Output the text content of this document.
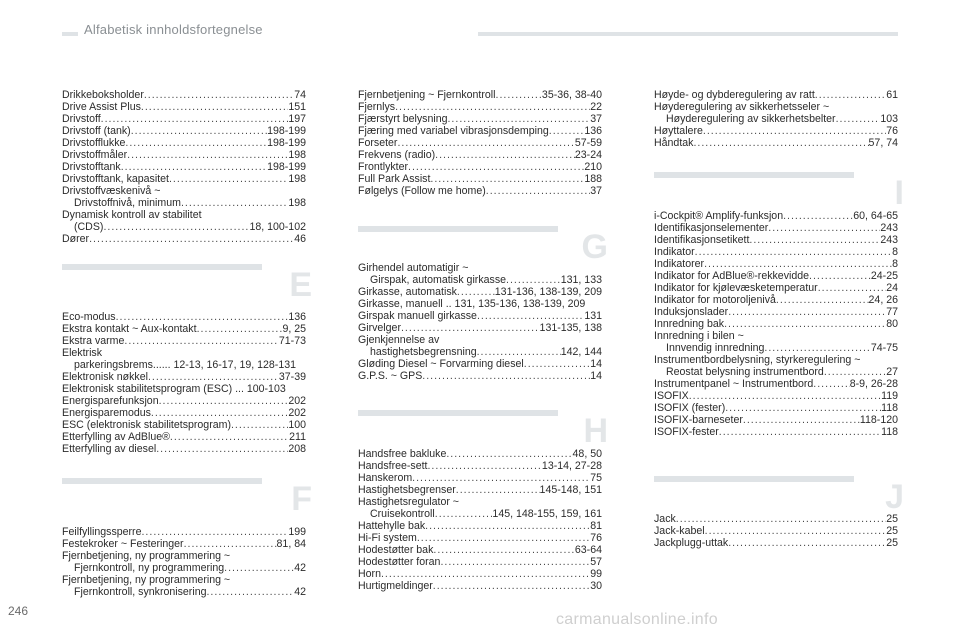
Alfabetisk innholdsfortegnelse
Drikkeboksholder .....	74
Drive Assist Plus .....	151
Drivstoff .....	197
Drivstoff (tank) .....	198-199
Drivstofflukke .....	198-199
Drivstoffmåler .....	198
Drivstofftank .....	198-199
Drivstofftank, kapasitet .....	198
Drivstoffvæskenivå ~
Drivstoffnivå, minimum .....	198
Dynamisk kontroll av stabilitet
(CDS) .....	18, 100-102
Dører .....	46
E
Eco-modus .....	136
Ekstra kontakt ~ Aux-kontakt .....	9, 25
Ekstra varme .....	71-73
Elektrisk
parkeringsbrems...... 12-13, 16-17, 19, 128-131
Elektronisk nøkkel .....	37-39
Elektronisk stabilitetsprogram (ESC) ... 100-103
Energisparefunksjon .....	202
Energisparemodus .....	202
ESC (elektronisk stabilitetsprogram) .....	100
Etterfylling av AdBlue® .....	211
Etterfylling av diesel .....	208
F
Feilfyllingssperre .....	199
Festekroker ~ Festeringer .....	81, 84
Fjernbetjening, ny programmering ~
Fjernkontroll, ny programmering .....	42
Fjernbetjening, ny programmering ~
Fjernkontroll, synkronisering .....	42
Fjernbetjening ~ Fjernkontroll .....	35-36, 38-40
Fjernlys .....	22
Fjærstyrt belysning .....	37
Fjæring med variabel vibrasjonsdemping .....	136
Forseter .....	57-59
Frekvens (radio) .....	23-24
Frontlykter .....	210
Full Park Assist .....	188
Følgelys (Follow me home) .....	37
G
Girhendel automatigir ~
Girspak, automatisk girkasse .....	131, 133
Girkasse, automatisk .....	131-136, 138-139, 209
Girkasse, manuell .. 131, 135-136, 138-139, 209
Girspak manuell girkasse .....	131
Girvelger .....	131-135, 138
Gjenkjennelse av
hastighetsbegrensning .....	142, 144
Gløding Diesel ~ Forvarming diesel .....	14
G.P.S. ~ GPS .....	14
H
Handsfree bakluke .....	48, 50
Handsfree-sett .....	13-14, 27-28
Hanskerom .....	75
Hastighetsbegrenser .....	145-148, 151
Hastighetsregulator ~
Cruisekontroll .....	145, 148-155, 159, 161
Hattehylle bak .....	81
Hi-Fi system .....	76
Hodestøtter bak .....	63-64
Hodestøtter foran .....	57
Horn .....	99
Hurtigmeldinger .....	30
Høyde- og dybderegulering av ratt .....	61
Høyderegulering av sikkerhetsseler ~
Høyderegulering av sikkerhetsbelter .....	103
Høyttalere .....	76
Håndtak .....	57, 74
I
i-Cockpit® Amplify-funksjon .....	60, 64-65
Identifikasjonselementer .....	243
Identifikasjonsetikett .....	243
Indikator .....	8
Indikatorer .....	8
Indikator for AdBlue®-rekkevidde .....	24-25
Indikator for kjølevæsketemperatur .....	24
Indikator for motoroljenivå .....	24, 26
Induksjonslader .....	77
Innredning bak .....	80
Innredning i bilen ~
Innvendig innredning .....	74-75
Instrumentbordbelysning, styrkeregulering ~
Reostat belysning instrumentbord .....	27
Instrumentpanel ~ Instrumentbord .....	8-9, 26-28
ISOFIX .....	119
ISOFIX (fester) .....	118
ISOFIX-barneseter .....	118-120
ISOFIX-fester .....	118
J
Jack .....	25
Jack-kabel .....	25
Jackplugg-uttak .....	25
246	carmanualsonline.info
